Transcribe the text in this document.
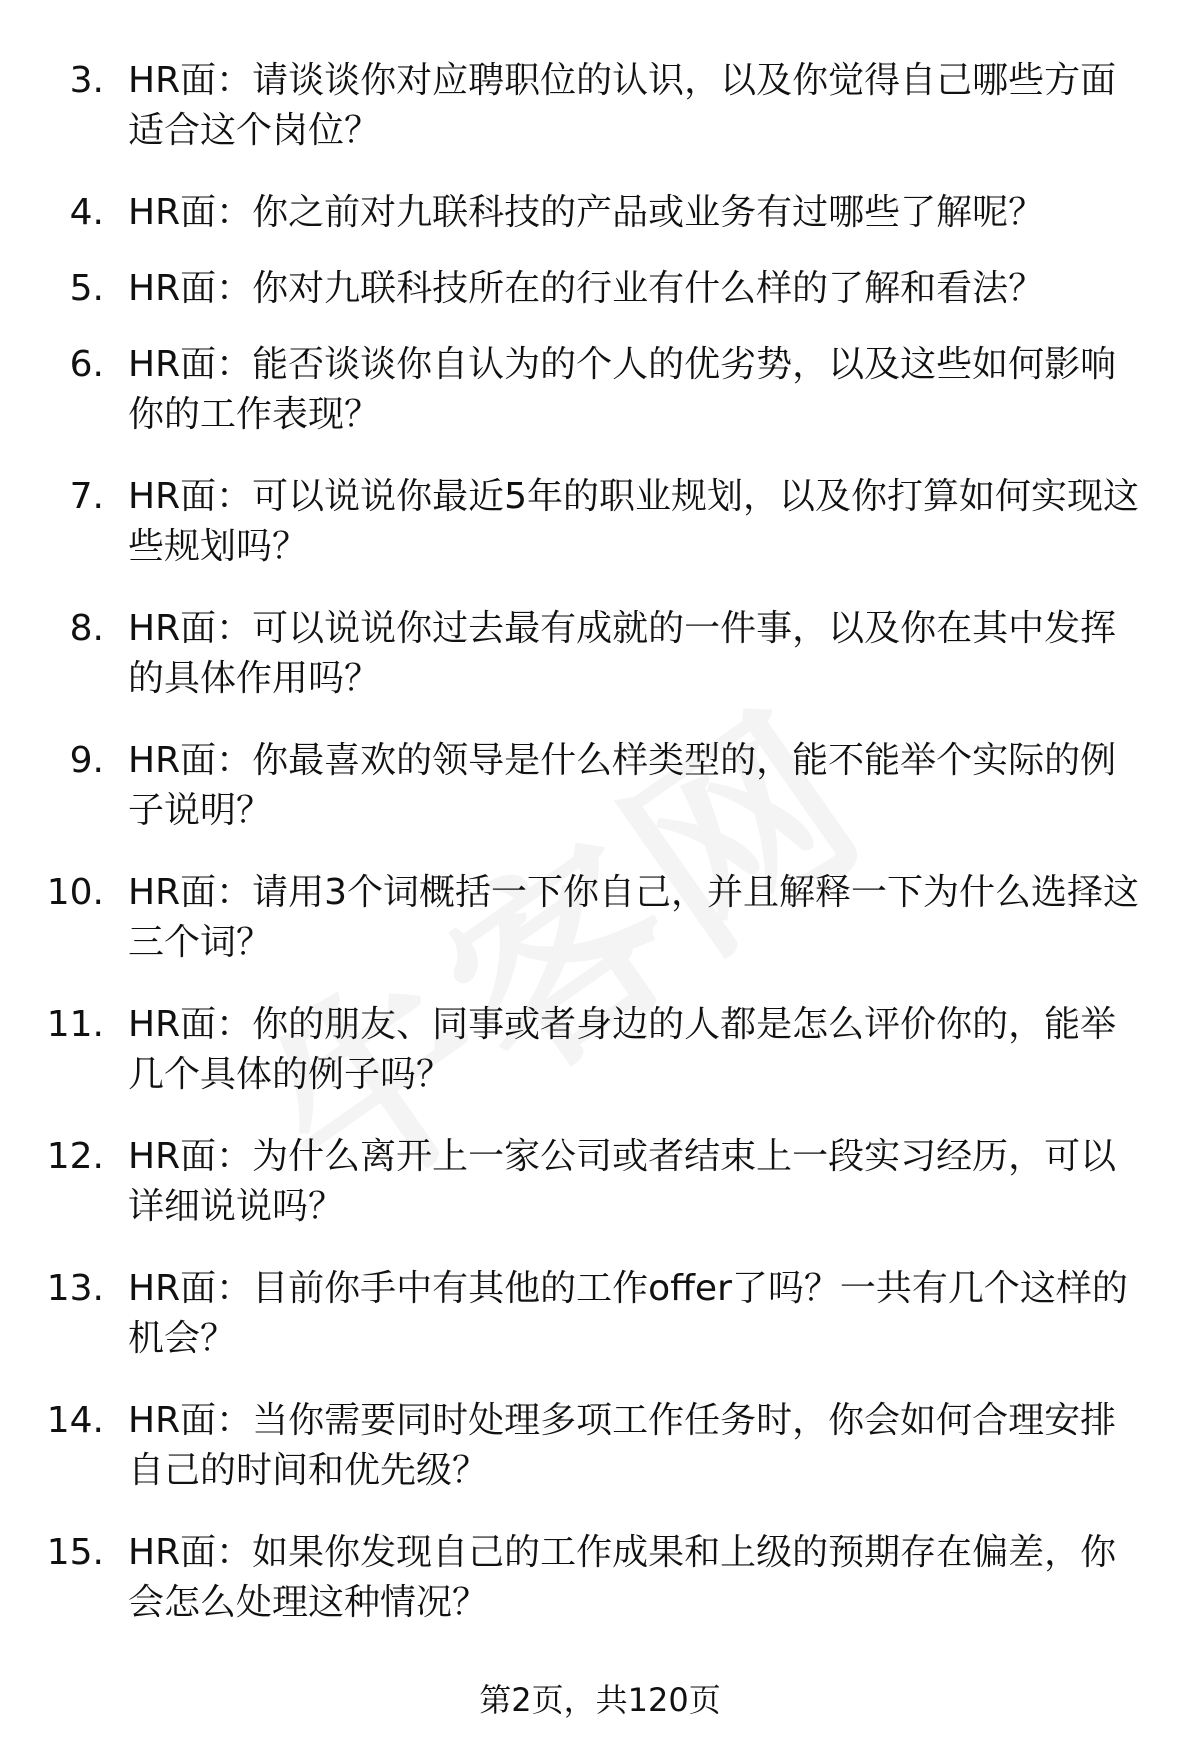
3. HR面：请谈谈你对应聘职位的认识，以及你觉得自己哪些方面适合这个岗位？
4. HR面：你之前对九联科技的产品或业务有过哪些了解呢？
5. HR面：你对九联科技所在的行业有什么样的了解和看法？
6. HR面：能否谈谈你自认为的个人的优劣势，以及这些如何影响你的工作表现？
7. HR面：可以说说你最近5年的职业规划，以及你打算如何实现这些规划吗？
8. HR面：可以说说你过去最有成就的一件事，以及你在其中发挥的具体作用吗？
9. HR面：你最喜欢的领导是什么样类型的，能不能举个实际的例子说明？
10. HR面：请用3个词概括一下你自己，并且解释一下为什么选择这三个词？
11. HR面：你的朋友、同事或者身边的人都是怎么评价你的，能举几个具体的例子吗？
12. HR面：为什么离开上一家公司或者结束上一段实习经历，可以详细说说吗？
13. HR面：目前你手中有其他的工作offer了吗？一共有几个这样的机会？
14. HR面：当你需要同时处理多项工作任务时，你会如何合理安排自己的时间和优先级？
15. HR面：如果你发现自己的工作成果和上级的预期存在偏差，你会怎么处理这种情况？
第2页，共120页
